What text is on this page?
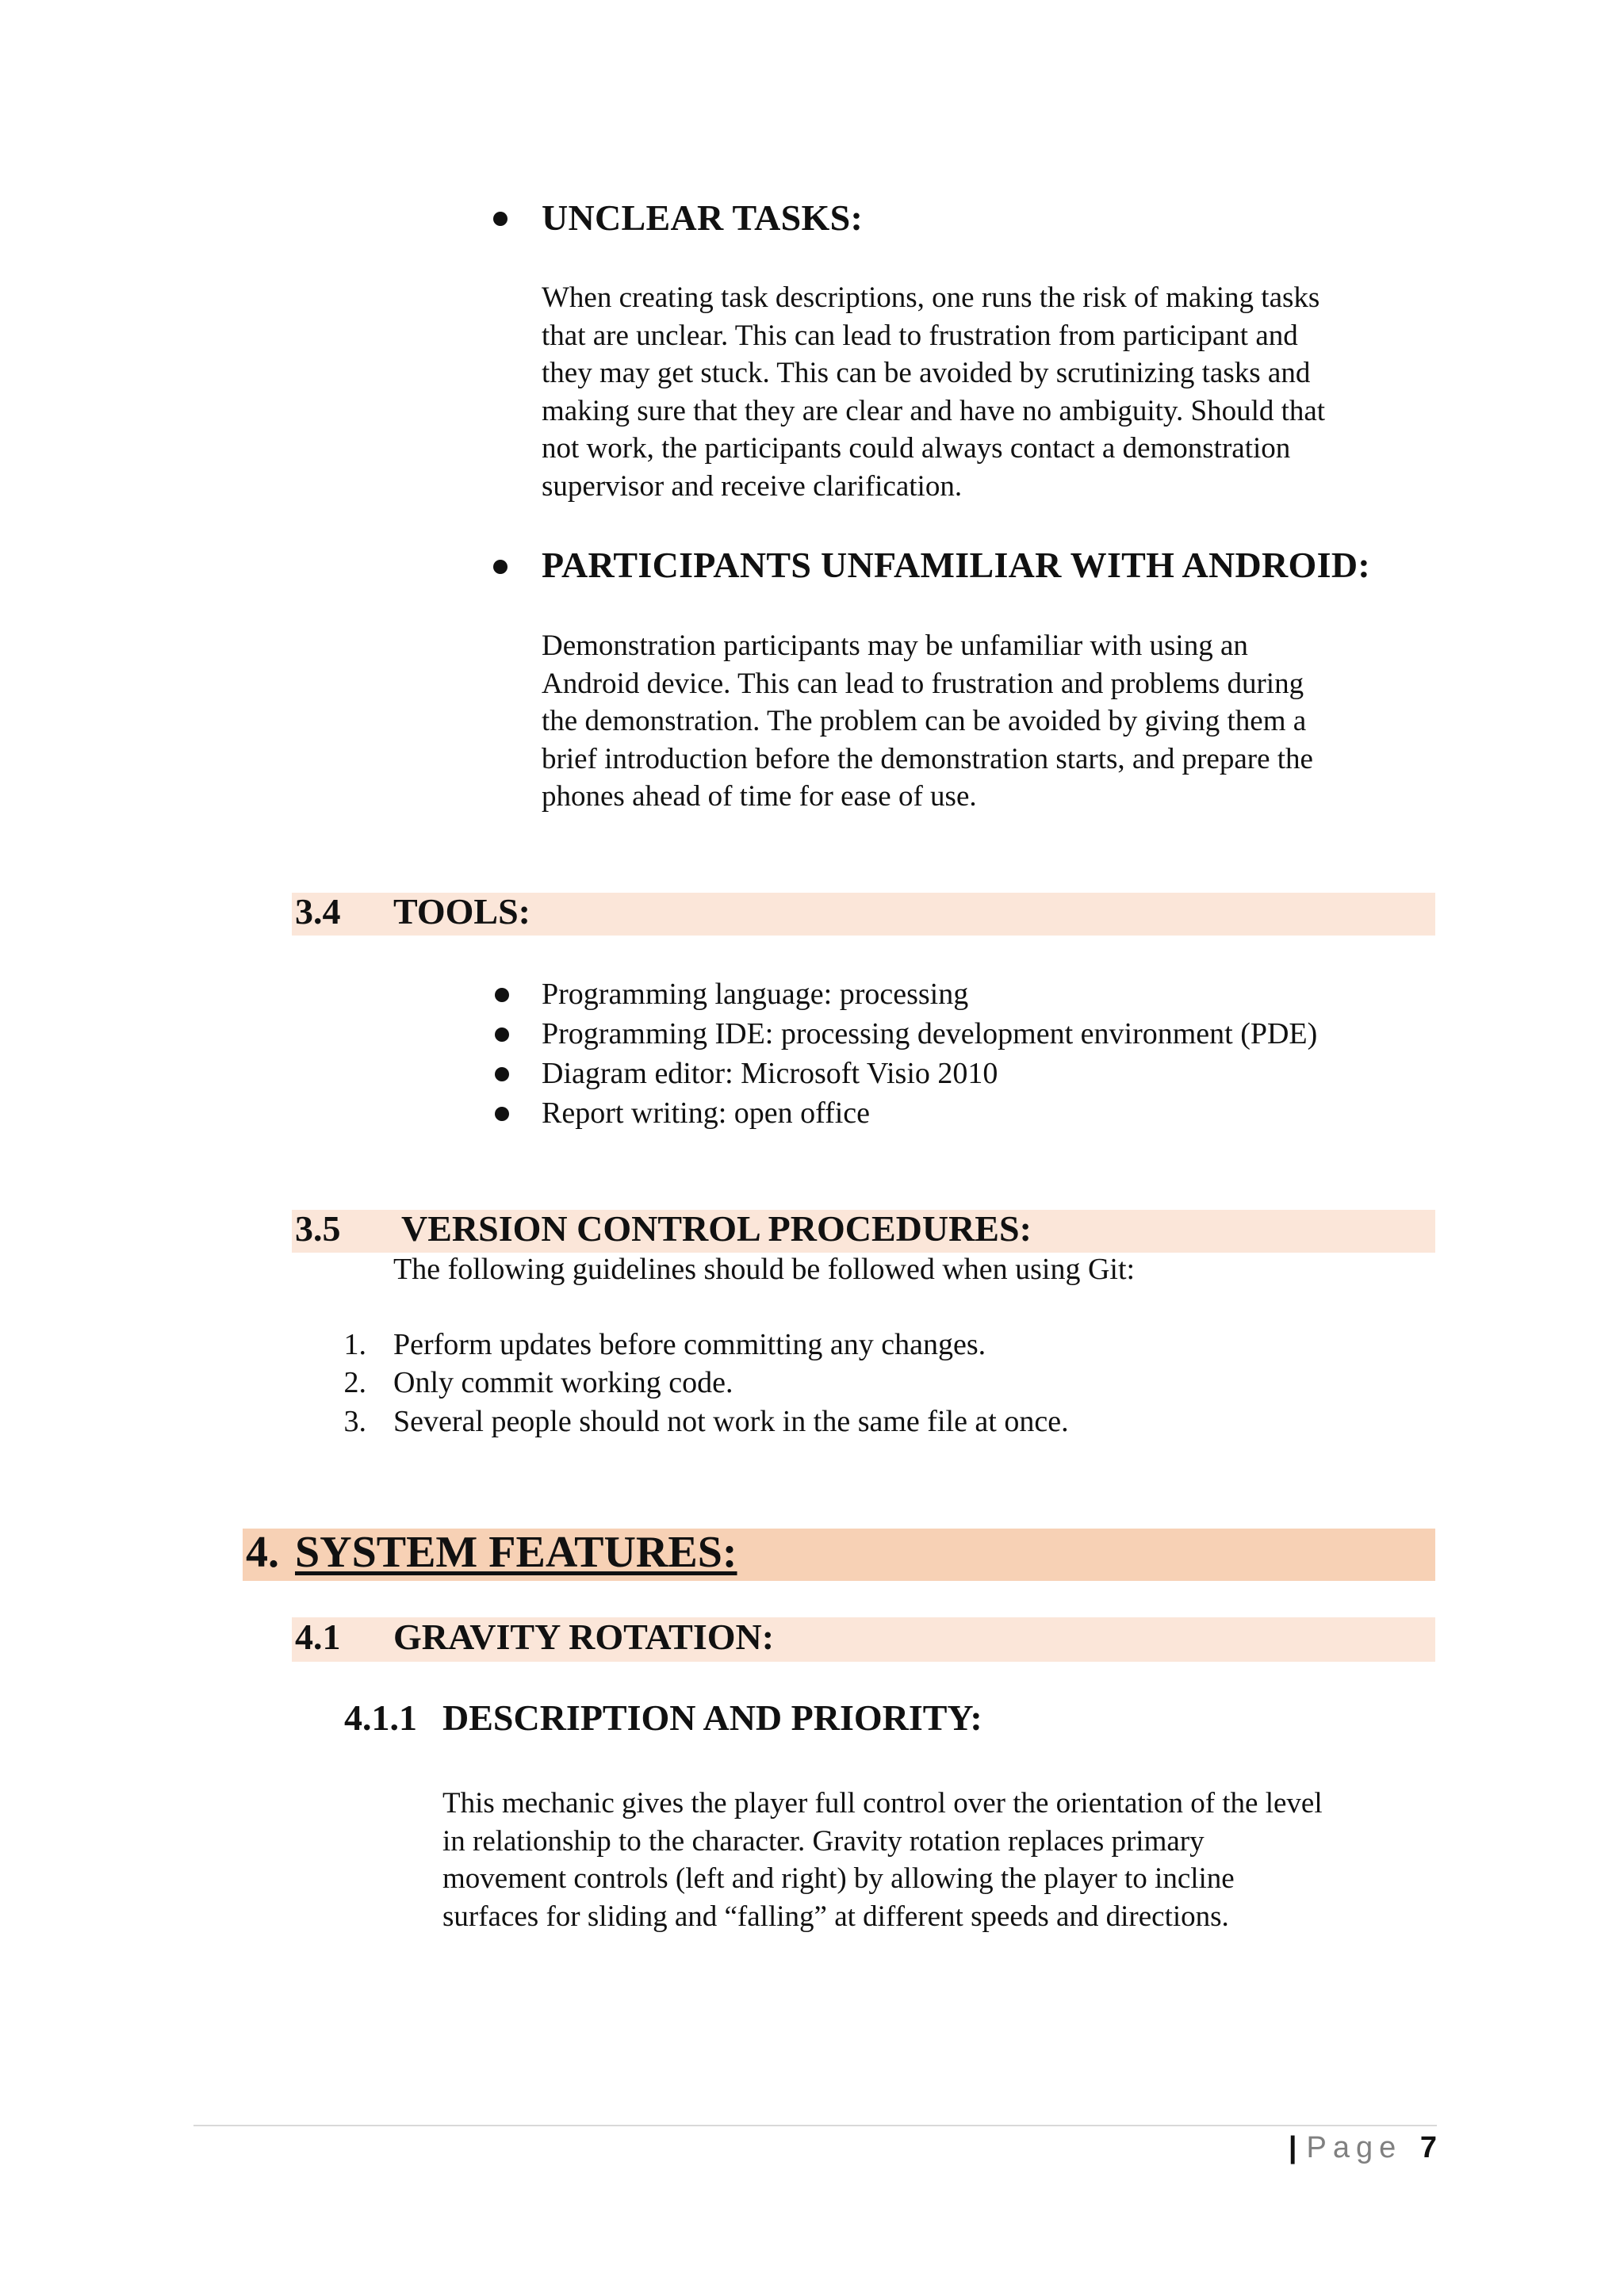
UNCLEAR TASKS:

When creating task descriptions, one runs the risk of making tasks

that are unclear. This can lead to frustration from participant and

they may get stuck. This can be avoided by scrutinizing tasks and

making sure that they are clear and have no ambiguity. Should that

not work, the participants could always contact a demonstration

supervisor and receive clarification.

PARTICIPANTS UNFAMILIAR WITH ANDROID:

Demonstration participants may be unfamiliar with using an

Android device. This can lead to frustration and problems during

the demonstration. The problem can be avoided by giving them a

brief introduction before the demonstration starts, and prepare the

phones ahead of time for ease of use.

3.4 TOOLS:
Programming language: processing
Programming IDE: processing development environment (PDE)
Diagram editor: Microsoft Visio 2010
Report writing: open office
3.5 VERSION CONTROL PROCEDURES:
The following guidelines should be followed when using Git:
1. Perform updates before committing any changes.
2. Only commit working code.
3. Several people should not work in the same file at once.
4. SYSTEM FEATURES:
4.1 GRAVITY ROTATION:
4.1.1 DESCRIPTION AND PRIORITY:

This mechanic gives the player full control over the orientation of the level

in relationship to the character. Gravity rotation replaces primary

movement controls (left and right) by allowing the player to incline

surfaces for sliding and “falling” at different speeds and directions.

| Page 7
